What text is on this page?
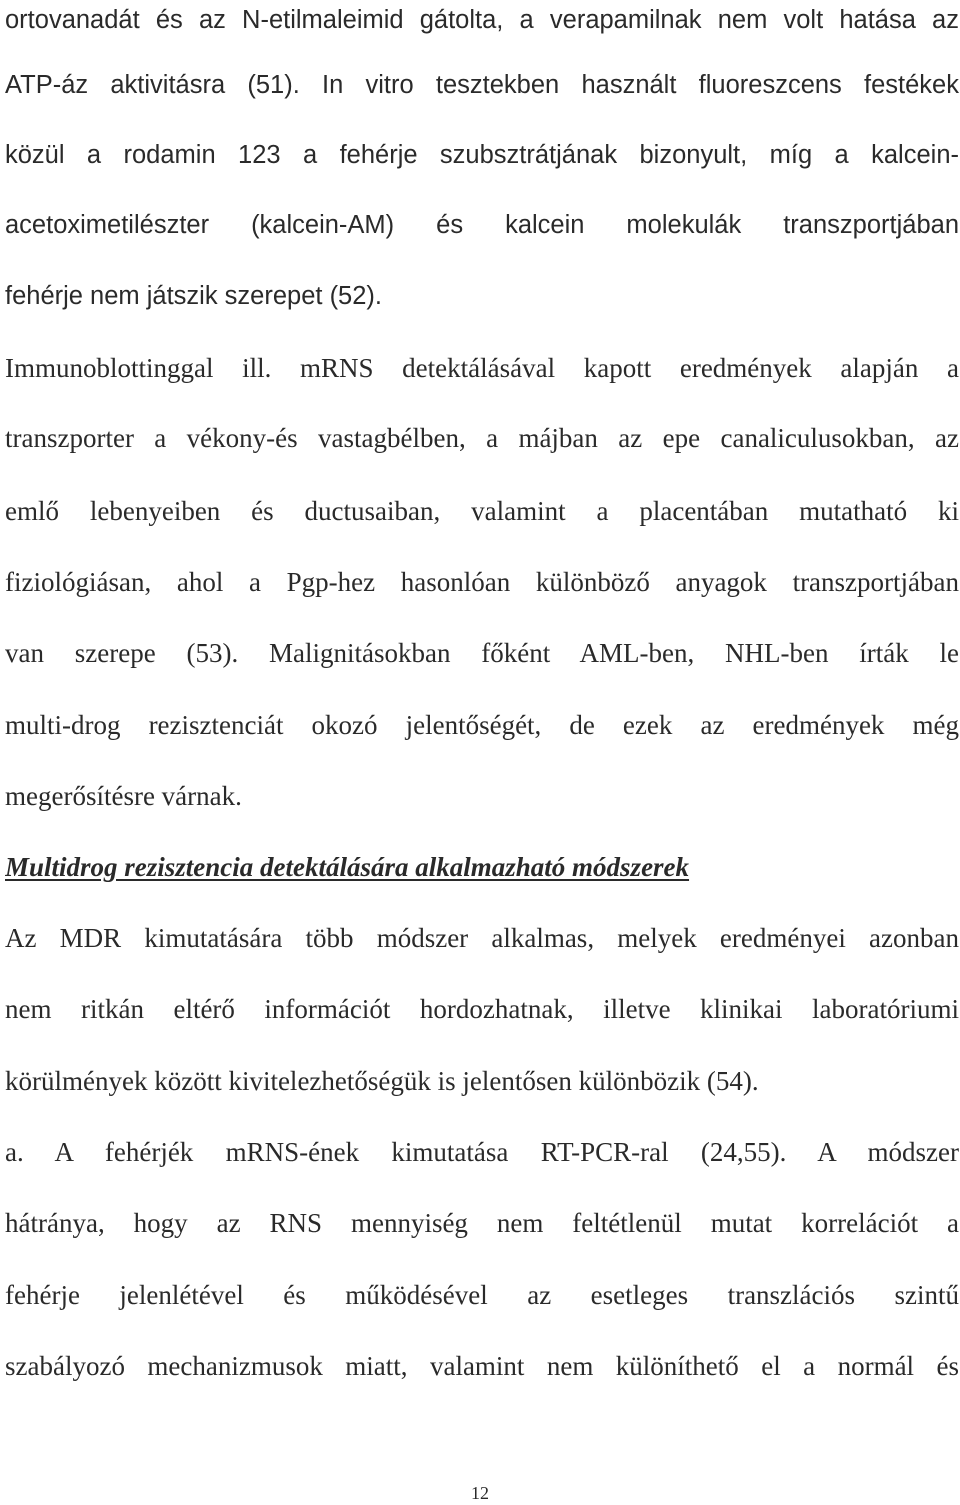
ortovanadát és az N-etilmaleimid gátolta, a verapamilnak nem volt hatása az
ATP-áz aktivitásra (51). In vitro tesztekben használt fluoreszcens festékek
közül a rodamin 123 a fehérje szubsztrátjának bizonyult, míg a kalcein-
acetoximetilészter (kalcein-AM) és kalcein molekulák transzportjában
fehérje nem játszik szerepet (52).
Immunoblottinggal ill. mRNS detektálásával kapott eredmények alapján a
transzporter a vékony-és vastagbélben, a májban az epe canaliculusokban, az
emlő lebenyeiben és ductusaiban, valamint a placentában mutatható ki
fiziológiásan, ahol a Pgp-hez hasonlóan különböző anyagok transzportjában
van szerepe (53). Malignitásokban főként AML-ben, NHL-ben írták le
multi-drog rezisztenciát okozó jelentőségét, de ezek az eredmények még
megerősítésre várnak.
Multidrog rezisztencia detektálására alkalmazható módszerek
Az MDR kimutatására több módszer alkalmas, melyek eredményei azonban
nem ritkán eltérő információt hordozhatnak, illetve klinikai laboratóriumi
körülmények között kivitelezhetőségük is jelentősen különbözik (54).
a. A fehérjék mRNS-ének kimutatása RT-PCR-ral (24,55). A módszer
hátránya, hogy az RNS mennyiség nem feltétlenül mutat korrelációt a
fehérje jelenlétével és működésével az esetleges transzlációs szintű
szabályozó mechanizmusok miatt, valamint nem különíthető el a normál és
12
